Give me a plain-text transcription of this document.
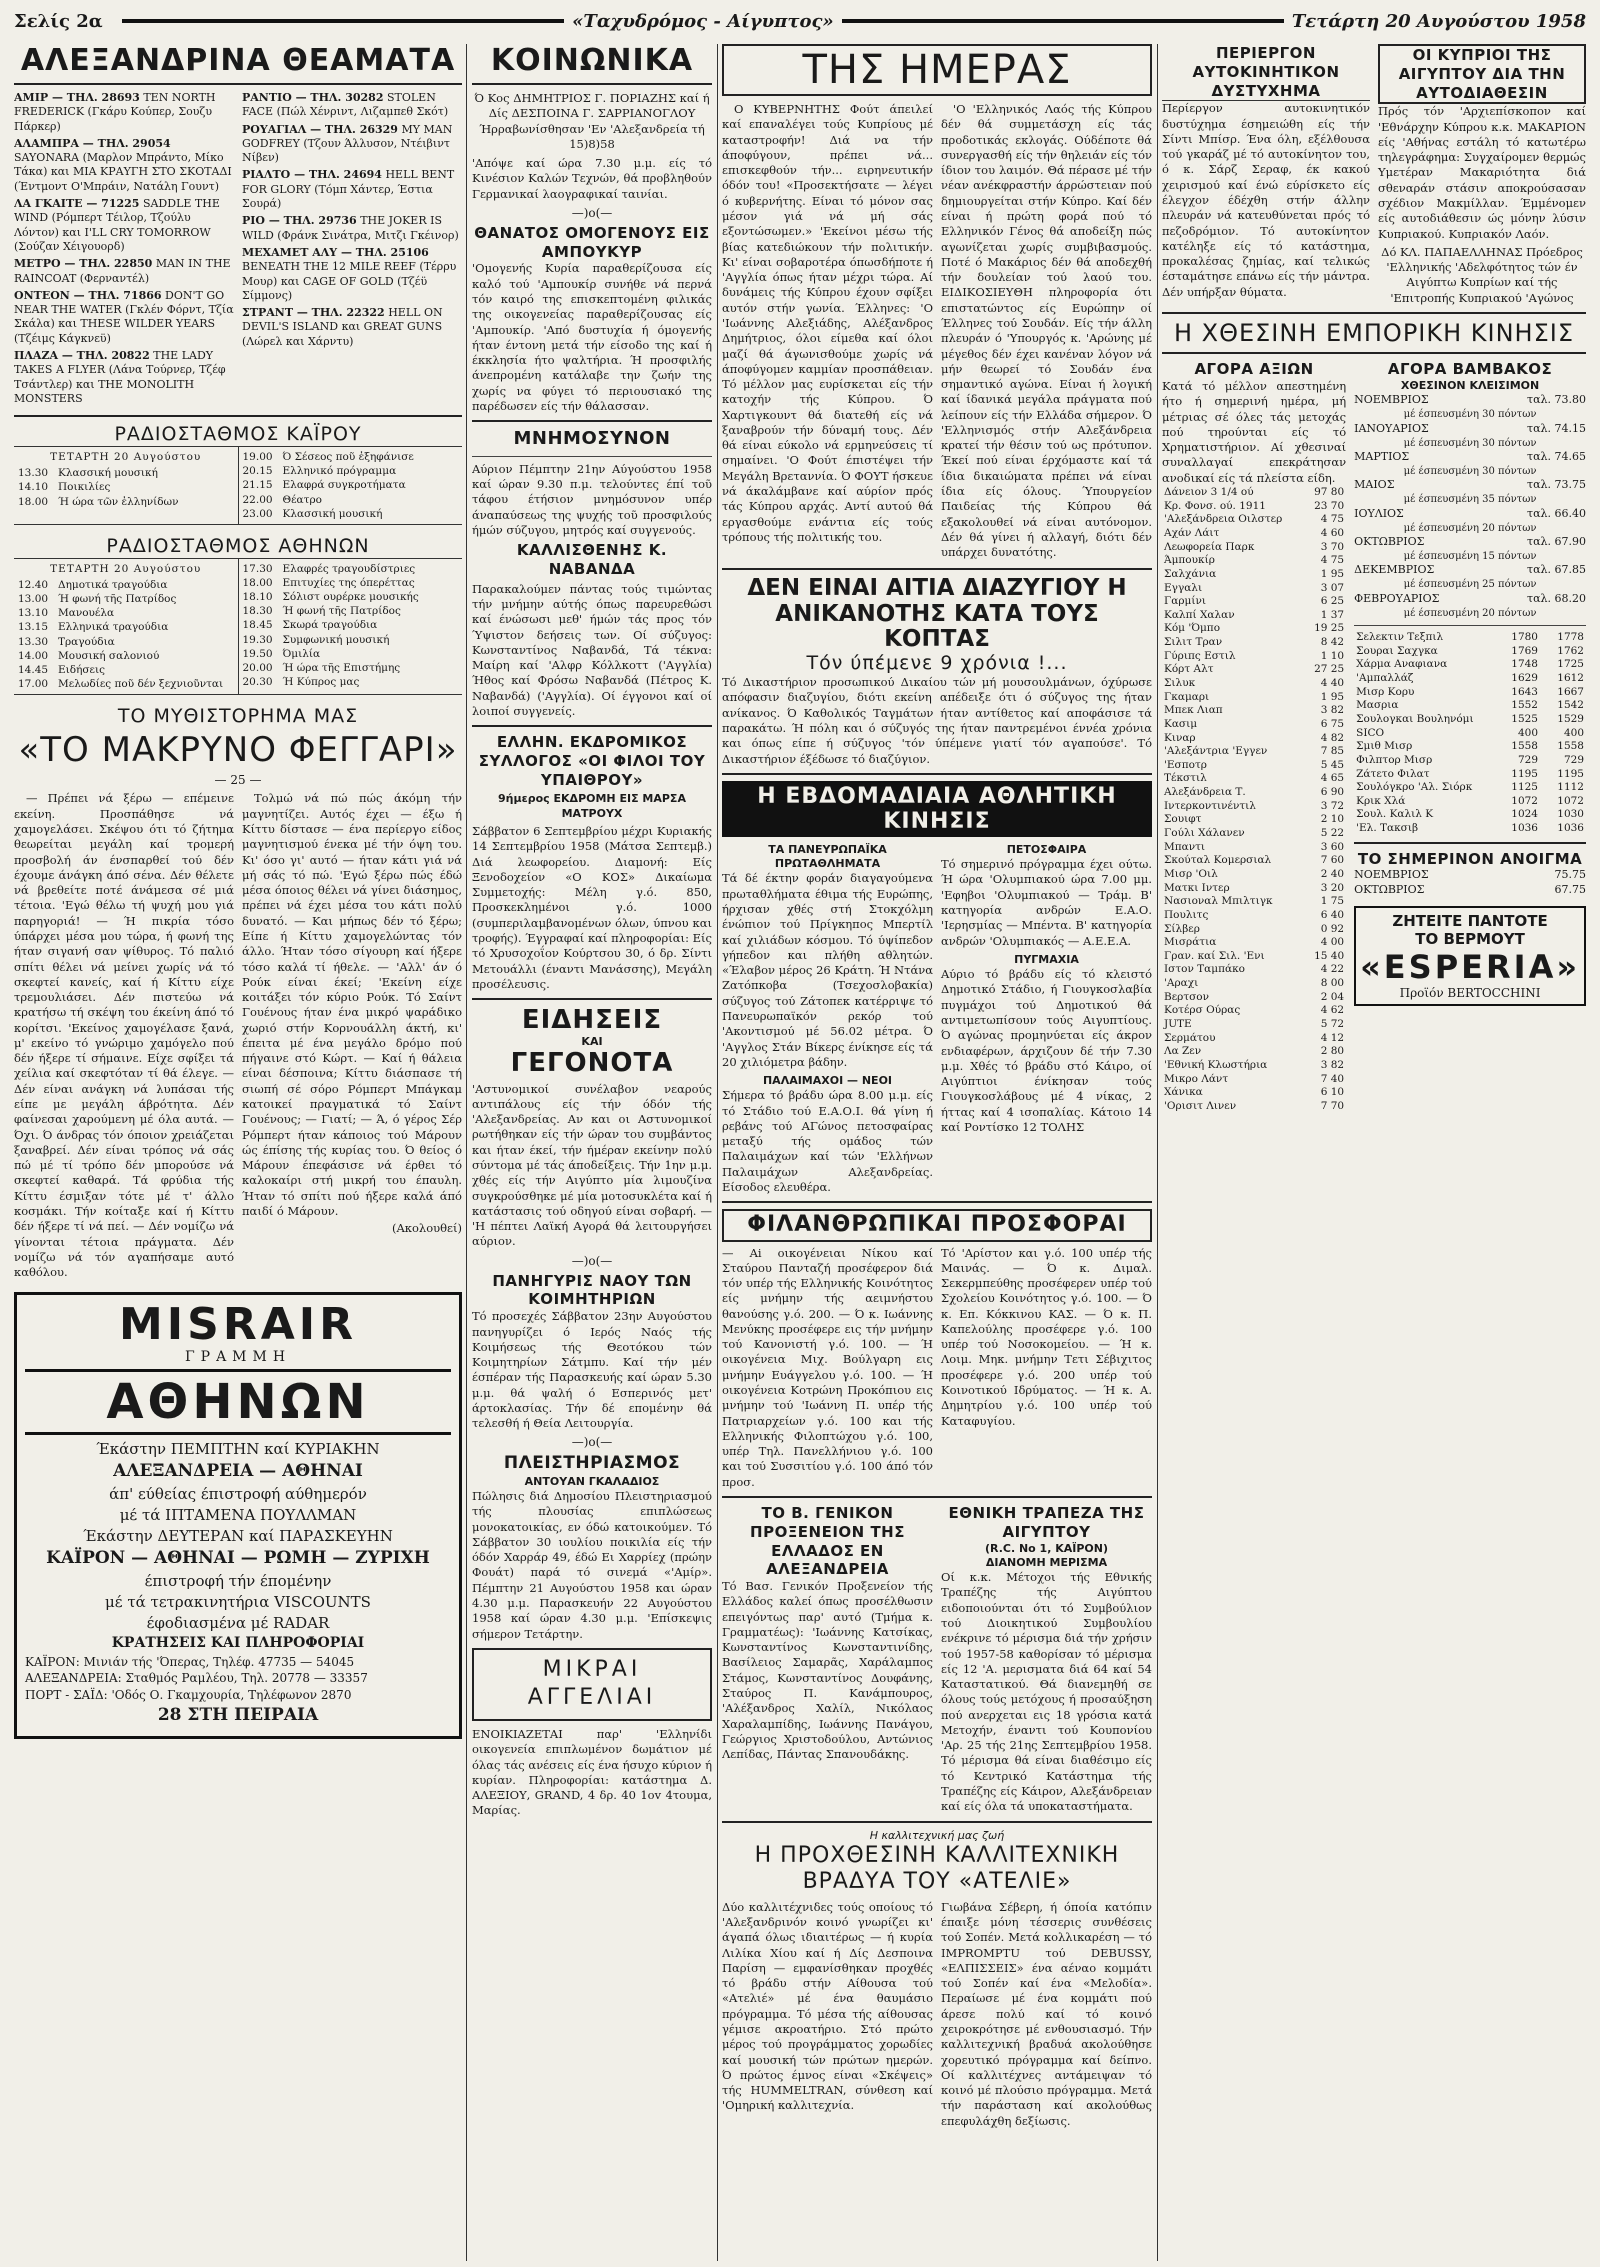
Σελίς 2α	«Ταχυδρόμος - Αίγυπτος»	Τετάρτη 20 Αυγούστου 1958
ΑΛΕΞΑΝΔΡΙΝΑ ΘΕΑΜΑΤΑ
ΑΜΙΡ — ΤΗΛ. 28693 TEN NORTH FREDERICK (Γκάρυ Κούπερ, Σουζυ Πάρκερ)
ΑΛΑΜΠΡΑ — ΤΗΛ. 29054 SAYONARA (Μαρλον Μπράντο, Μίκο Τάκα) και ΜΙΑ ΚΡΑΥΓΗ ΣΤΟ ΣΚΟΤΑΔΙ (Έντμοντ Ο'Μπράιν, Νατάλη Γουντ)
ΛΑ ΓΚΑΙΤΕ — 71225 SADDLE THE WIND (Ρόμπερτ Τέιλορ, Τζούλυ Λόντον) και I'LL CRY TOMORROW (Σούζαν Χέιγουορδ)
ΜΕΤΡΟ — ΤΗΛ. 22850 MAN IN THE RAINCOAT (Φερναντέλ)
ΟΝΤΕΟΝ — ΤΗΛ. 71866 DON'T GO NEAR THE WATER (Γκλέν Φόρντ, Τζία Σκάλα) και THESE WILDER YEARS (Τζέιμς Κάγκνεϋ)
ΠΛΑΖΑ — ΤΗΛ. 20822 THE LADY TAKES A FLYER (Λάνα Τούρνερ, Τζέφ Τσάντλερ) και THE MONOLITH MONSTERS
ΡΑΝΤΙΟ — ΤΗΛ. 30282 STOLEN FACE (Πώλ Χένριντ, Λιζαμπεθ Σκότ)
ΡΟΥΑΓΙΑΛ — ΤΗΛ. 26329 MY MAN GODFREY (Τζουν Άλλυσον, Ντέιβιντ Νίβεν)
ΡΙΑΛΤΟ — ΤΗΛ. 24694 HELL BENT FOR GLORY (Τόμπ Χάντερ, Έστια Σουρά)
ΡΙΟ — ΤΗΛ. 29736 THE JOKER IS WILD (Φράνκ Σινάτρα, Μιτζι Γκέινορ)
ΜΕΧΑΜΕΤ ΑΛΥ — ΤΗΛ. 25106 BENEATH THE 12 MILE REEF (Τέρρυ Μουρ) και CAGE OF GOLD (Τζέϋ Σίμμονς)
ΣΤΡΑΝΤ — ΤΗΛ. 22322 HELL ON DEVIL'S ISLAND και GREAT GUNS (Λώρελ και Χάρντυ)
ΡΑΔΙΟΣΤΑΘΜΟΣ ΚΑΪΡΟΥ
ΤΕΤΑΡΤΗ 20 Αυγούστου
13.30 Κλασσική μουσική
14.10 Ποικιλίες
18.00 Ή ώρα τῶν ἐλληνίδων
19.00 Ό Σέσεος ποῦ ἐξηφάνισε
20.15 Ελληνικό πρόγραμμα
21.15 Ελαφρά συγκροτήματα
22.00 Θέατρο
23.00 Κλασσική μουσική
ΡΑΔΙΟΣΤΑΘΜΟΣ ΑΘΗΝΩΝ
ΤΕΤΑΡΤΗ 20 Αυγούστου
12.40 Δημοτικά τραγούδια
13.00 Ή φωνή τῆς Πατρίδος
13.10 Μανουέλα
13.15 Ελληνικά τραγούδια
13.30 Τραγούδια
14.00 Μουσική σαλονιού
14.45 Ειδήσεις
17.00 Μελωδίες ποῦ δέν ξεχνιοῦνται
17.30 Ελαφρές τραγουδίστριες
18.00 Επιτυχίες της όπερέττας
18.10 Σόλιστ ουρέρκε μουσικής
18.30 Ή φωνή τῆς Πατρίδος
18.45 Σκωρά τραγούδια
19.30 Συμφωνική μουσική
19.50 Όμιλία
20.00 Ή ώρα τῆς Επιστήμης
20.30 Ή Κύπρος μας
ΤΟ ΜΥΘΙΣΤΟΡΗΜΑ ΜΑΣ
«ΤΟ ΜΑΚΡΥΝΟ ΦΕΓΓΑΡΙ»
— 25 —

— Πρέπει νά ξέρω — επέμεινε εκείνη. Προσπάθησε νά χαμογελάσει. Σκέψου ότι τό ζήτημα θεωρείται μεγάλη καί τρομερή προσβολή άν ένσπαρθεί τού δέν έχουμε άνάγκη άπό σένα. Δέν θέλετε νά βρεθείτε ποτέ άνάμεσα σέ μιά τέτοια. 'Εγώ θέλω τή ψυχή μου γιά παρηγοριά! — Ή πικρία τόσο ύπάρχει μέσα μου τώρα, ή φωνή της ήταν σιγανή σαν ψίθυρος. Τό παλιό σπίτι θέλει νά μείνει χωρίς νά τό σκεφτεί κανείς, καί ή Κίττυ είχε τρεμουλιάσει. Δέν πιστεύω νά κρατήσω τή σκέψη του έκείνη άπό τό κορίτσι. 'Εκείνος χαμογέλασε ξανά, μ' εκείνο τό γνώριμο χαμόγελο πού δέν ήξερε τί σήμαινε. Είχε σφίξει τά χείλια καί σκεφτόταν τί θά έλεγε. — Δέν είναι ανάγκη νά λυπάσαι τής είπε με μεγάλη άβρότητα. Δέν φαίνεσαι χαρούμενη μέ όλα αυτά. — Όχι. Ό άνδρας τόν όποιον χρειάζεται ξαναβρεί. Δέν είναι τρόπος νά σάς πώ μέ τί τρόπο δέν μπορούσε νά σκεφτεί καθαρά. Τά φρύδια τής Κίττυ έσμιξαν τότε μέ τ' άλλο κοσμάκι. Τήν κοίταξε καί ή Κίττυ δέν ήξερε τί νά πεί. — Δέν νομίζω νά γίνονται τέτοια πράγματα. Δέν νομίζω νά τόν αγαπήσαμε αυτό καθόλου.

Τολμώ νά πώ πώς άκόμη τήν μαγνητίζει. Αυτός έχει — έξω ή Κίττυ δίστασε — ένα περίεργο είδος μαγνητισμού ένεκα μέ τήν όψη του. Κι' όσο γι' αυτό — ήταν κάτι γιά νά μή σάς τό πώ. 'Εγώ ξέρω πώς έδώ μέσα όποιος θέλει νά γίνει διάσημος, πρέπει νά έχει μέσα του κάτι πολύ δυνατό. — Και μήπως δέν τό ξέρω; Είπε ή Κίττυ χαμογελώντας τόν άλλο. Ήταν τόσο σίγουρη καί ήξερε τόσο καλά τί ήθελε. — 'Αλλ' άν ό Ρούκ είναι έκεί; 'Εκείνη είχε κοιτάξει τόν κύριο Ρούκ. Τό Σαίντ Γουένους ήταν ένα μικρό ψαράδικο χωριό στήν Κορνουάλλη άκτή, κι' έπειτα μέ ένα μεγάλο δρόμο πού πήγαινε στό Κώρτ. — Καί ή θάλεια είναι δέσποινα; Κίττυ διάσπασε τή σιωπή σέ σόρο Ρόμπερτ Μπάγκαμ κατοικεί πραγματικά τό Σαίντ Γουένους; — Γιατί; — Ά, ό γέρος Σέρ Ρόμπερτ ήταν κάποιος τού Μάρουν ώς έπίσης τής κυρίας του. Ό θείος ό Μάρουν έπεφάσισε νά έρθει τό καλοκαίρι στή μικρή του έπαυλη. Ήταν τό σπίτι πού ήξερε καλά άπό παιδί ό Μάρουν.

(Ακολουθεί)
MISRAIR
ΓΡΑΜΜΗ
ΑΘΗΝΩΝ
Έκάστην ΠΕΜΠΤΗΝ καί ΚΥΡΙΑΚΗΝ
ΑΛΕΞΑΝΔΡΕΙΑ — ΑΘΗΝΑΙ
άπ' εύθείας έπιστροφή αύθημερόν
μέ τά ΙΠΤΑΜΕΝΑ ΠΟΥΛΛΜΑΝ
Έκάστην ΔΕΥΤΕΡΑΝ καί ΠΑΡΑΣΚΕΥΗΝ
ΚΑΪΡΟΝ — ΑΘΗΝΑΙ — ΡΩΜΗ — ΖΥΡΙΧΗ
έπιστροφή τήν έπομένην
μέ τά τετρακινητήρια VISCOUNTS
έφοδιασμένα μέ RADAR
ΚΡΑΤΗΣΕΙΣ ΚΑΙ ΠΛΗΡΟΦΟΡΙΑΙ
ΚΑΪΡΟΝ: Μινιάν τής 'Όπερας, Τηλέφ. 47735 — 54045
ΑΛΕΞΑΝΔΡΕΙΑ: Σταθμός Ραμλέου, Τηλ. 20778 — 33357
ΠΟΡΤ - ΣΑΪΔ: 'Οδός Ο. Γκαμχουρία, Τηλέφωνον 2870
28 ΣΤΗ ΠΕΙΡΑΙΑ
ΚΟΙΝΩΝΙΚΑ
Ό Κος ΔΗΜΗΤΡΙΟΣ Γ. ΠΟΡΙΑΖΗΣ καί ή Δίς ΔΕΣΠΟΙΝΑ Γ. ΣΑΡΡΙΑΝΟΓΛΟΥ Ήρραβωνίσθησαν 'Εν 'Αλεξανδρεία τή 15)8)58
'Απόψε καί ώρα 7.30 μ.μ. είς τό Κινέσιον Καλών Τεχνών, θά προβληθούν Γερμανικαί λαογραφικαί ταινίαι.
—)o(—
ΘΑΝΑΤΟΣ ΟΜΟΓΕΝΟΥΣ ΕΙΣ ΑΜΠΟΥΚΥΡ
'Ομογενής Κυρία παραθερίζουσα είς καλό τού 'Αμπουκίρ συνήθε νά περνά τόν καιρό της επισκεπτομένη φιλικάς της οικογενείας παραθερίζουσας είς 'Αμπουκίρ. 'Από δυστυχία ή όμογενής ήταν έντονη μετά τήν είσοδο της καί ή έκκλησία ήτο ψαλτήρια. Ή προσφιλής άνεπρομένη κατάλαβε την ζωήν της χωρίς να φύγει τό περιουσιακό της παρέδωσεν είς τήν θάλασσαν.
ΜΝΗΜΟΣΥΝΟΝ
Αύριον Πέμπτην 21ην Αύγούστου 1958 καί ώραν 9.30 π.μ. τελούντες έπί τοῦ τάφου έτήσιον μνημόσυνον υπέρ άναπαύσεως της ψυχής τοῦ προσφιλούς ήμών σύζυγου, μητρός καί συγγενούς.
ΚΑΛΛΙΣΘΕΝΗΣ Κ. ΝΑΒΑΝΔΑ
Παρακαλούμεν πάντας τούς τιμώντας τήν μνήμην αύτής όπως παρευρεθώσι καί ένώσωσι μεθ' ήμών τάς προς τόν Ύψιστον δεήσεις των. Οί σύζυγος: Κωνσταντίνος Ναβανδά, Τά τέκνα: Μαίρη καί 'Αλφρ Κόλλκοττ ('Αγγλία) Ήθος καί Φρόσω Ναβανδά (Πέτρος Κ. Ναβανδά) ('Αγγλία). Οί έγγονοι καί οί λοιποί συγγενείς.
ΕΛΛΗΝ. ΕΚΔΡΟΜΙΚΟΣ ΣΥΛΛΟΓΟΣ «ΟΙ ΦΙΛΟΙ ΤΟΥ ΥΠΑΙΘΡΟΥ»
9ήμερος ΕΚΔΡΟΜΗ ΕΙΣ ΜΑΡΣΑ ΜΑΤΡΟΥΧ
Σάββατον 6 Σεπτεμβρίου μέχρι Κυριακής 14 Σεπτεμβρίου 1958 (Μάτσα Σεπτεμβ.) Διά λεωφορείου. Διαμονή: Είς Ξενοδοχείον «Ο ΚΟΣ» Δικαίωμα Συμμετοχής: Μέλη γ.ό. 850, Προσκεκλημένοι γ.ό. 1000 (συμπεριλαμβανομένων όλων, ύπνου και τροφής). Έγγραφαί καί πληροφορίαι: Είς τό Χρυσοχοΐον Κούρτσου 30, ό δρ. Σίντι Μετουάλλι (έναντι Μανάσσης), Μεγάλη προσέλευσις.
ΕΙΔΗΣΕΙΣ
ΚΑΙ
ΓΕΓΟΝΟΤΑ
'Αστυνομικοί συνέλαβον νεαρούς αντιπάλους είς τήν όδόν τής 'Αλεξανδρείας. Αν και οι Αστυνομικοί ρωτήθηκαν είς τήν ώραν του συμβάντος και ήταν έκεί, τήν ήμέραν εκείνην πολύ σύντομα μέ τάς άποδείξεις. Τήν 1ην μ.μ. χθές είς τήν Αιγύπτο μία λιμουζίνα συγκρούσθηκε μέ μία μοτοσυκλέτα καί ή κατάστασις τού οδηγού είναι σοβαρή. — 'Η πέπτει Λαϊκή Αγορά θά λειτουργήσει αύριον.
—)o(—
ΠΑΝΗΓΥΡΙΣ ΝΑΟΥ ΤΩΝ ΚΟΙΜΗΤΗΡΙΩΝ
Τό προσεχές Σάββατον 23ην Αυγούστου πανηγυρίζει ό Ιερός Ναός τής Κοιμήσεως τής Θεοτόκου τών Κοιμητηρίων Σάτμπυ. Καί τήν μέν έσπέραν τής Παρασκευής καί ώραν 5.30 μ.μ. θά ψαλή ό Εσπερινός μετ' άρτοκλασίας. Τήν δέ επομένην θά τελεσθή ή Θεία Λειτουργία.
—)o(—
ΠΛΕΙΣΤΗΡΙΑΣΜΟΣ
ΑΝΤΟΥΑΝ ΓΚΑΛΑΔΙΟΣ
Πώλησις διά Δημοσίου Πλειστηριασμού τής πλουσίας επιπλώσεως μονοκατοικίας, εν όδώ κατοικούμεν. Τό Σάββατον 30 ιουλίου ποικιλία είς τήν όδόν Χαρράρ 49, έδώ Ει Χαρρίεχ (πρώην Φουάτ) παρά τό σινεμά «'Αμίρ». Πέμπτην 21 Αυγούστου 1958 και ώραν 4.30 μ.μ. Παρασκευήν 22 Αυγούστου 1958 καί ώραν 4.30 μ.μ. 'Επίσκεψις σήμερον Τετάρτην.
ΜΙΚΡΑΙ ΑΓΓΕΛΙΑΙ
ΕΝΟΙΚΙΑΖΕΤΑΙ παρ' 'Ελληνίδι οικογενεία επιπλωμένον δωμάτιον μέ όλας τάς ανέσεις είς ένα ήσυχο κύριον ή κυρίαν. Πληροφορίαι: κατάστημα Δ. ΑΛΕΞΙΟΥ, GRAND, 4 δρ. 40 1ov 4τουμα, Μαρίας.
ΤΗΣ ΗΜΕΡΑΣ

Ο ΚΥΒΕΡΝΗΤΗΣ Φούτ άπειλεί καί επαναλέγει τούς Κυπρίους μέ καταστροφήν! Διά να τήν άποφύγουν, πρέπει νά... επισκεφθούν τήν... ειρηνευτικήν όδόν του! «Προσεκτήσατε — λέγει ό κυβερνήτης. Είναι τό μόνον σας μέσον γιά νά μή σάς εξοντώσωμεν.» 'Εκείνοι μέσω τής βίας κατεδιώκουν τήν πολιτικήν. Κι' είναι σοβαροτέρα όπωσδήποτε ή 'Αγγλία όπως ήταν μέχρι τώρα. Αί δυνάμεις τής Κύπρου έχουν σφίξει αυτόν στήν γωνία. Έλληνες: 'Ο 'Ιωάννης Αλεξιάδης, Αλέξανδρος Δημήτριος, όλοι είμεθα καί όλοι μαζί θά άγωνισθούμε χωρίς νά άποφύγομεν καμμίαν προσπάθειαν. Τό μέλλον μας ευρίσκεται είς τήν κατοχήν τής Κύπρου. Ό Χαρτιγκουντ θά διατεθή είς νά ξαναβρούν τήν δύναμή τους. Δέν θά είναι εύκολο νά ερμηνεύσεις τί σημαίνει. 'Ο Φούτ έπιστέψει τήν Μεγάλη Βρεταννία. Ό ΦΟΥΤ ήσκευε νά άκαλάμβανε καί αύρίον πρός τάς Κύπρου αρχάς. Αντί αυτού θά εργασθούμε ενάντια είς τούς τρόπους τής πολιτικής του.

'Ο 'Ελληνικός Λαός τής Κύπρου δέν θά συμμετάσχη είς τάς προδοτικάς εκλογάς. Ούδέποτε θά συνεργασθή είς τήν θηλειάν είς τόν ίδιον του λαιμόν. Θά πέρασε μέ τήν νέαν ανέκφραστήν άρρώστειαν πού δημιουργείται στήν Κύπρο. Καί δέν είναι ή πρώτη φορά πού τό Ελληνικόν Γένος θά αποδείξη πώς αγωνίζεται χωρίς συμβιβασμούς. Ποτέ ό Μακάριος δέν θά αποδεχθή τήν δουλείαν τού λαού του. ΕΙΔΙΚΟΣΙΕΥΘΗ πληροφορία ότι επιστατώντος είς Ευρώπην οί Έλληνες τού Σουδάν. Είς τήν άλλη πλευράν ό 'Υπουργός κ. 'Αρώνης μέ μέγεθος δέν έχει κανέναν λόγον νά μήν θεωρεί τό Σουδάν ένα σημαντικό αγώνα. Είναι ή λογική καί ίδανικά μεγάλα πράγματα πού λείπουν είς τήν Ελλάδα σήμερον. Ό 'Ελληνισμός στήν Αλεξάνδρεια κρατεί τήν θέσιν τού ως πρότυπον. Έκεί πού είναι έρχόμαστε καί τά ίδια δικαιώματα πρέπει νά είναι ίδια είς όλους. Ύπουργείον Παιδείας τής Κύπρου θά εξακολουθεί νά είναι αυτόνομον. Δέν θά γίνει ή αλλαγή, διότι δέν υπάρχει δυνατότης.

ΔΕΝ ΕΙΝΑΙ ΑΙΤΙΑ ΔΙΑΖΥΓΙΟΥ Η ΑΝΙΚΑΝΟΤΗΣ ΚΑΤΑ ΤΟΥΣ ΚΟΠΤΑΣ
Τόν ύπέμενε 9 χρόνια !...
Τό Δικαστήριον προσωπικού Δικαίου τών μή μουσουλμάνων, όχύρωσε απόφασιν διαζυγίου, διότι εκείνη απέδειξε ότι ό σύζυγος της ήταν ανίκανος. Ό Καθολικός Ταγμάτων ήταν αντίθετος καί αποφάσισε τά παρακάτω. Ή πόλη και ό σύζυγός της ήταν παντρεμένοι έννέα χρόνια και όπως είπε ή σύζυγος 'τόν ύπέμενε γιατί τόν αγαπούσε'. Τό Δικαστήριον έξέδωσε τό διαζύγιον.
Η ΕΒΔΟΜΑΔΙΑΙΑ ΑΘΛΗΤΙΚΗ ΚΙΝΗΣΙΣ
ΤΑ ΠΑΝΕΥΡΩΠΑΪΚΑ ΠΡΩΤΑΘΛΗΜΑΤΑ
Τά δέ έκτην φοράν διαγαγούμενα πρωταθλήματα έθιμα τής Ευρώπης, ήρχισαν χθές στή Στοκχόλμη ένώπιον τού Πρίγκηπος Μπερτίλ καί χιλιάδων κόσμου. Τό ύψίπεδον γήπεδον και πλήθη αθλητών. «Έλαβον μέρος 26 Κράτη. Ή Ντάνα Ζατόπκοβα (Τσεχοσλοβακία) σύζυγος τού Ζάτοπεκ κατέρριψε τό Πανευρωπαϊκόν ρεκόρ τού 'Ακοντισμού μέ 56.02 μέτρα. Ό 'Αγγλος Στάν Βίκερς ένίκησε είς τά 20 χιλιόμετρα βάδην.
ΠΑΛΑΙΜΑΧΟΙ — ΝΕΟΙ
Σήμερα τό βράδυ ώρα 8.00 μ.μ. είς τό Στάδιο τού Ε.Α.Ο.Ι. θά γίνη ή ρεβάνς τού ΑΓώνος πετοσφαίρας μεταξύ τής ομάδος τών Παλαιμάχων καί τών 'Ελλήνων Παλαιμάχων Αλεξανδρείας. Είσοδος ελευθέρα.
ΠΕΤΟΣΦΑΙΡΑ
Τό σημερινό πρόγραμμα έχει ούτω. Ή ώρα 'Ολυμπιακού ώρα 7.00 μμ. 'Εφηβοι 'Ολυμπιακού — Τράμ. Β' κατηγορία ανδρών Ε.Α.Ο. 'Ιερησμίας — Μπέντα. Β' κατηγορία ανδρών 'Ολυμπιακός — Α.Ε.Ε.Α.
ΠΥΓΜΑΧΙΑ
Αύριο τό βράδυ είς τό κλειστό Δημοτικό Στάδιο, ή Γιουγκοσλαβία πυγμάχοι τού Δημοτικού θά αντιμετωπίσουν τούς Αιγυπτίους. Ό αγώνας προμηνύεται είς άκρον ενδιαφέρων, άρχιζουν δέ τήν 7.30 μ.μ. Χθές τό βράδυ στό Κάιρο, οί Αιγύπτιοι ένίκησαν τούς Γιουγκοσλάβους μέ 4 νίκας, 2 ήττας καί 4 ισοπαλίας. Κάτοιο 14 καί Ροντίσκο 12 ΤΟΛΗΣ
ΦΙΛΑΝΘΡΩΠΙΚΑΙ ΠΡΟΣΦΟΡΑΙ
— Ai οικογένειαι Νίκου καί Σταύρου Πανταζή προσέφερον διά τόν υπέρ τής Ελληνικής Κοινότητος είς μνήμην τής αειμνήστου θανούσης γ.ό. 200. — Ό κ. Ιωάννης Μενύκης προσέφερε εις τήν μνήμην τού Κανονιστή γ.ό. 100. — Ή οικογένεια Μιχ. Βούλγαρη εις μνήμην Ευάγγελου γ.ό. 100. — Ή οικογένεια Κοτρώνη Προκόπιου εις μνήμην τού 'Ιωάννη Π. υπέρ τής Πατριαρχείων γ.ό. 100 και τής Ελληνικής Φιλοπτώχου γ.ό. 100, υπέρ Τηλ. Πανελλήνιου γ.ό. 100 και τού Συσσιτίου γ.ό. 100 άπό τόν προσ.
Τό 'Αρίστον και γ.ό. 100 υπέρ τής Μαινάς. — Ό κ. Διμαλ. Σεκερμπεύθης προσέφερεν υπέρ τού Σχολείου Κοινότητος γ.ό. 100. — Ό κ. Επ. Κόκκινου ΚΑΣ. — Ό κ. Π. Καπελούλης προσέφερε γ.ό. 100 υπέρ τού Νοσοκομείου. — Ή κ. Λοιμ. Μηκ. μνήμην Τετι Σέβιχιτος προσέφερε γ.ό. 200 υπέρ τού Κοινοτικού Ιδρύματος. — Ή κ. Α. Δημητρίου γ.ό. 100 υπέρ τού Καταφυγίου.
ΤΟ Β. ΓΕΝΙΚΟΝ ΠΡΟΞΕΝΕΙΟΝ ΤΗΣ ΕΛΛΑΔΟΣ ΕΝ ΑΛΕΞΑΝΔΡΕΙΑ
Τό Βασ. Γενικόν Προξενείον τής Ελλάδος καλεί όπως προσέλθωσιν επειγόντως παρ' αυτό (Τμήμα κ. Γραμματέως): 'Ιωάννης Κατσίκας, Κωνσταντίνος Κωνσταντινίδης, Βασίλειος Σαμαρᾶς, Χαράλαμπος Στάμος, Κωνσταντίνος Δουφάνης, Σταύρος Π. Κανάμπουρος, 'Αλέξανδρος Χαλίλ, Νικόλαος Χαραλαμπίδης, Ιωάννης Πανάγου, Γεώργιος Χριστοδούλου, Αντώνιος Λεπίδας, Πάντας Σπανουδάκης.
ΕΘΝΙΚΗ ΤΡΑΠΕΖΑ ΤΗΣ ΑΙΓΥΠΤΟΥ
(R.C. No 1, ΚΑΪΡΟΝ)
ΔΙΑΝΟΜΗ ΜΕΡΙΣΜΑ
Οί κ.κ. Μέτοχοι τής Εθνικής Τραπέζης τής Αιγύπτου ειδοποιούνται ότι τό Συμβούλιον τού Διοικητικού Συμβουλίου ενέκρινε τό μέρισμα διά τήν χρήσιν τού 1957-58 καθορίσαν τό μέρισμα είς 12 'Α. μερισματα διά 64 καί 54 Καταστατικού. Θά διανεμηθή σε όλους τούς μετόχους ή προσαύξηση πού ανερχεται εις 18 γρόσια κατά Μετοχήν, έναντι τού Κουπονίου 'Αρ. 25 τής 21ης Σεπτεμβρίου 1958. Τό μέρισμα θά είναι διαθέσιμο είς τό Κεντρικό Κατάστημα τής Τραπέζης είς Κάιρον, Αλεξάνδρειαν καί είς όλα τά υποκαταστήματα.
Η καλλιτεχνική μας ζωή
Η ΠΡΟΧΘΕΣΙΝΗ ΚΑΛΛΙΤΕΧΝΙΚΗ ΒΡΑΔΥΑ ΤΟΥ «ΑΤΕΛΙΕ»
Δύο καλλιτέχνιδες τούς οποίους τό 'Αλεξανδρινόν κοινό γνωρίζει κι' άγαπά όλως ιδιαιτέρως — ή κυρία Λιλίκα Χίου καί ή Δίς Δεσποινα Παρίση — εμφανίσθηκαν προχθές τό βράδυ στήν Αίθουσα τού «Ατελιέ» μέ ένα θαυμάσιο πρόγραμμα. Τό μέσα τής αίθουσας γέμισε ακροατήριο. Στό πρώτο μέρος τού προγράμματος χορωδίες καί μουσική τών πρώτων ημερών. Ό πρώτος έμνος είναι «Σκέψεις» τής HUMMELTRAN, σύνθεση καί 'Ομηρική καλλιτεχνία.
Γιωβάνα Σέβερη, ή όποία κατόπιν έπαιξε μόνη τέσσερις συνθέσεις τού Σοπέν. Μετά κολλικαρέση — τό IMPROMPTU τού DEBUSSY, «ΕΛΠΙΣΣΕΙΣ» ένα αέναο κομμάτι τού Σοπέν καί ένα «Μελοδία». Περαίωσε μέ ένα κομμάτι πού άρεσε πολύ καί τό κοινό χειροκρότησε μέ ενθουσιασμό. Τήν καλλιτεχνική βραδυά ακολούθησε χορευτικό πρόγραμμα καί δείπνο. Οί καλλιτέχνες αντάμειψαν τό κοινό μέ πλούσιο πρόγραμμα. Μετά τήν παράσταση καί ακολούθως επεφυλάχθη δεξίωσις.
ΠΕΡΙΕΡΓΟΝ ΑΥΤΟΚΙΝΗΤΙΚΟΝ ΔΥΣΤΥΧΗΜΑ
Περίεργον αυτοκινητικόν δυστύχημα έσημειώθη είς τήν Σίντι Μπίσρ. Ένα όλη, εξέλθουσα τού γκαράζ μέ τό αυτοκίνητον του, ό κ. Σάρζ Σεραφ, έκ κακού χειρισμού καί ένώ εύρίσκετο είς έλεγχον έδέχθη στήν άλλην πλευράν νά κατευθύνεται πρός τό πεζοδρόμιον. Τό αυτοκίνητον κατέληξε είς τό κατάστημα, προκαλέσας ζημίας, καί τελικώς έσταμάτησε επάνω είς τήν μάντρα. Δέν υπήρξαν θύματα.
ΟΙ ΚΥΠΡΙΟΙ ΤΗΣ ΑΙΓΥΠΤΟΥ ΔΙΑ ΤΗΝ ΑΥΤΟΔΙΑΘΕΣΙΝ
Πρός τόν 'Αρχιεπίσκοπον καί 'Εθνάρχην Κύπρου κ.κ. ΜΑΚΑΡΙΟΝ είς 'Αθήνας εστάλη τό κατωτέρω τηλεγράφημα: Συγχαίρομεν θερμώς Υμετέραν Μακαριότητα διά σθεναράν στάσιν αποκρούσασαν σχέδιον Μακμίλλαν. Έμμένομεν είς αυτοδιάθεσιν ώς μόνην λύσιν Κυπριακού. Κυπριακόν Λαόν.
Δό ΚΛ. ΠΑΠΑΕΛΛΗΝΑΣ Πρόεδρος 'Ελληνικής 'Αδελφότητος τών έν Αιγύπτω Κυπρίων καί τής 'Επιτροπής Κυπριακού 'Αγώνος
Η ΧΘΕΣΙΝΗ ΕΜΠΟΡΙΚΗ ΚΙΝΗΣΙΣ
ΑΓΟΡΑ ΑΞΙΩΝ
Κατά τό μέλλον απεστημένη ήτο ή σημερινή ημέρα, μή μέτριας σέ όλες τάς μετοχάς πού τηρούνται είς τό Χρηματιστήριον. Αί χθεσιναί συναλλαγαί επεκράτησαν ανοδικαί είς τά πλείστα είδη.
Δάνειον 3 1/4 ού	97 80
Κρ. Φονσ. ού. 1911	23 70
'Αλεξάνδρεια Οιλστερ	4 75
Αχάν Λάιτ	4 60
Λεωφορεία Παρκ	3 70
Άμπουκίρ	4 75
Σαλχάνια	1 95
Εγγαλι	3 07
Γαρμίνι	6 25
Καλπί Χαλαν	1 37
Κόμ 'Όμπο	19 25
Σιλιτ Τραν	8 42
Γύριπς Εστιλ	1 10
Κόρτ Αλτ	27 25
Σιλυκ	4 40
Γκαμαρι	1 95
Μπεκ Λιαπ	3 82
Κασιμ	6 75
Κιναρ	4 82
'Αλεξάντρια 'Εγγεν	7 85
'Εσποτρ	5 45
Τέκστιλ	4 65
Αλεξάνδρεια Τ.	6 90
Ιντερκοντινέντιλ	3 72
Σουιφτ	2 10
Γούλι Χάλανεν	5 22
Μπαντι	3 60
Σκούταλ Κομερσιαλ	7 60
Μισρ 'Οιλ	2 40
Ματκι Ιντερ	3 20
Νασιοναλ Μπιλτιγκ	1 75
Πουλιτς	6 40
Σίλβερ	0 92
Μισράτια	4 00
Γραν. καί Σιλ. 'Ενι	15 40
Ιστον Ταμπάκο	4 22
'Αραχι	8 00
Βερτσον	2 04
Κοτέρσ Ούρας	4 62
JUTE	5 72
Σερμάτου	4 12
Λα Ζεν	2 80
'Εθνική Κλωστήρια	3 82
Μικρο Λάντ	7 40
Χάνικα	6 10
'Ορισιτ Λινεν	7 70
ΑΓΟΡΑ ΒΑΜΒΑΚΟΣ
ΧΘΕΣΙΝΟΝ ΚΛΕΙΣΙΜΟΝ
ΝΟΕΜΒΡΙΟΣ	ταλ. 73.80
μέ έσπευσμένη 30 πόντων
ΙΑΝΟΥΑΡΙΟΣ	ταλ. 74.15
μέ έσπευσμένη 30 πόντων
ΜΑΡΤΙΟΣ	ταλ. 74.65
μέ έσπευσμένη 30 πόντων
ΜΑΙΟΣ	ταλ. 73.75
μέ έσπευσμένη 35 πόντων
ΙΟΥΛΙΟΣ	ταλ. 66.40
μέ έσπευσμένη 20 πόντων
ΟΚΤΩΒΡΙΟΣ	ταλ. 67.90
μέ έσπευσμένη 15 πόντων
ΔΕΚΕΜΒΡΙΟΣ	ταλ. 67.85
μέ έσπευσμένη 25 πόντων
ΦΕΒΡΟΥΑΡΙΟΣ	ταλ. 68.20
μέ έσπευσμένη 20 πόντων
Σελεκτιν Τεξπιλ	1780	1778
Σουραι Σαχγκα	1769	1762
Χάρμα Αναφιανα	1748	1725
'Αμπαλλάζ	1629	1612
Μισρ Κορυ	1643	1667
Μασρια	1552	1542
Σουλογκαι Βουληνόμι	1525	1529
SICO	400	400
Σμιθ Μισρ	1558	1558
Φιλπτορ Μισρ	729	729
Ζάτετο Φιλατ	1195	1195
Σουλόγκρο 'Αλ. Σιόρκ	1125	1112
Κρικ Χλά	1072	1072
Σουλ. Καλιλ Κ	1024	1030
'Ελ. Τακσιβ	1036	1036
ΤΟ ΣΗΜΕΡΙΝΟΝ ΑΝΟΙΓΜΑ
ΝΟΕΜΒΡΙΟΣ	75.75
ΟΚΤΩΒΡΙΟΣ	67.75
ΖΗΤΕΙΤΕ ΠΑΝΤΟΤΕ
ΤΟ ΒΕΡΜΟΥΤ
«ESPERIA»
Προϊόν BERTOCCHINI
